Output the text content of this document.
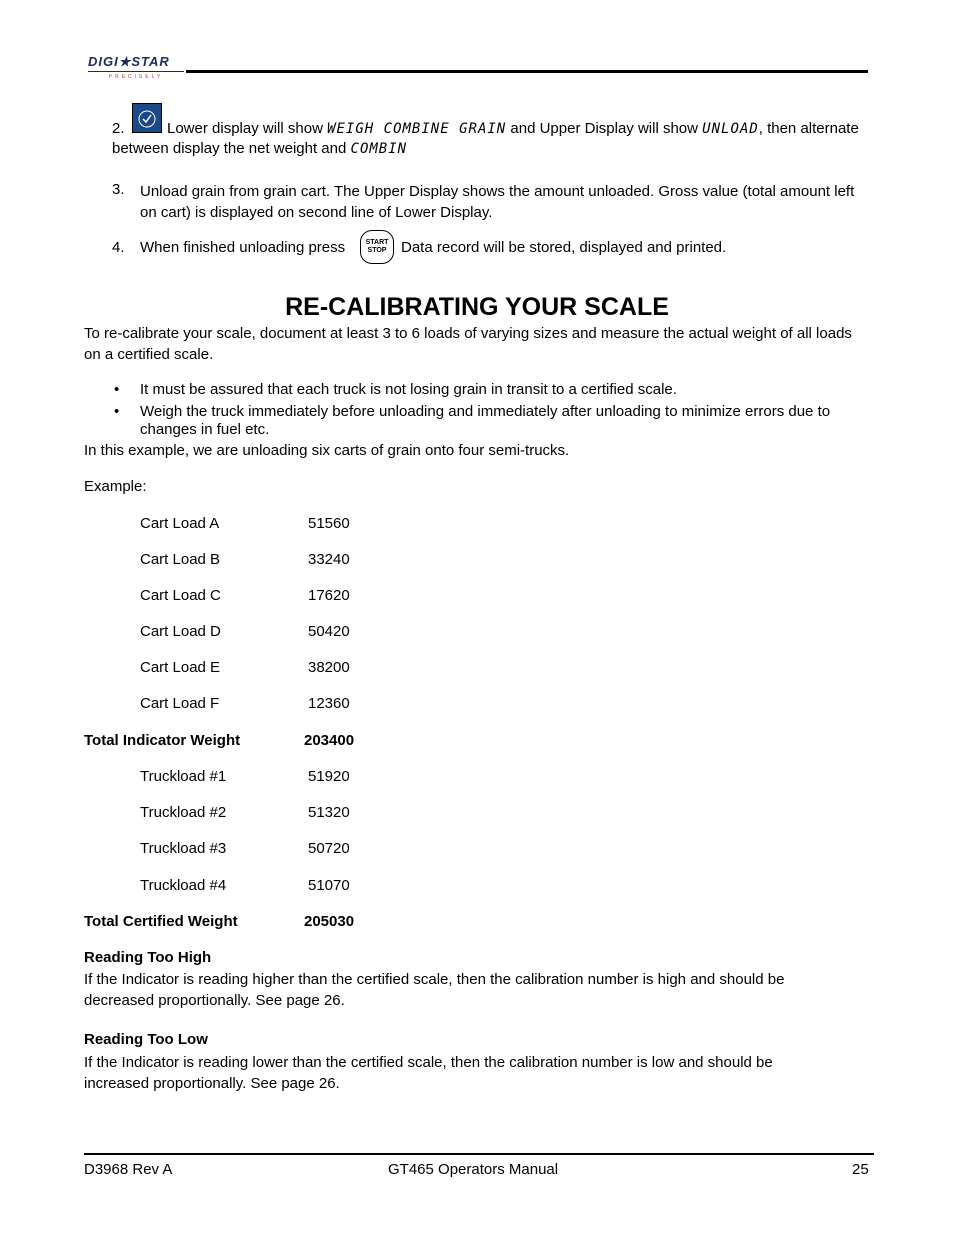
DIGI★STAR
PRECISELY
2.	Lower display will show WEIGH COMBINE GRAIN and Upper Display will show UNLOAD, then alternate
between display the net weight and COMBIN
3. Unload grain from grain cart. The Upper Display shows the amount unloaded. Gross value (total amount left on cart) is displayed on second line of Lower Display.
4. When finished unloading press	START
STOP Data record will be stored, displayed and printed.
RE-CALIBRATING YOUR SCALE
To re-calibrate your scale, document at least 3 to 6 loads of varying sizes and measure the actual weight of all loads on a certified scale.
• It must be assured that each truck is not losing grain in transit to a certified scale.
• Weigh the truck immediately before unloading and immediately after unloading to minimize errors due to changes in fuel etc.
In this example, we are unloading six carts of grain onto four semi-trucks.
Example:
Cart Load A	51560
Cart Load B	33240
Cart Load C	17620
Cart Load D	50420
Cart Load E	38200
Cart Load F	12360
Total Indicator Weight	203400
Truckload #1	51920
Truckload #2	51320
Truckload #3	50720
Truckload #4	51070
Total Certified Weight	205030
Reading Too High
If the Indicator is reading higher than the certified scale, then the calibration number is high and should be decreased proportionally. See page 26.
Reading Too Low
If the Indicator is reading lower than the certified scale, then the calibration number is low and should be increased proportionally. See page 26.
D3968 Rev A	GT465 Operators Manual	25
